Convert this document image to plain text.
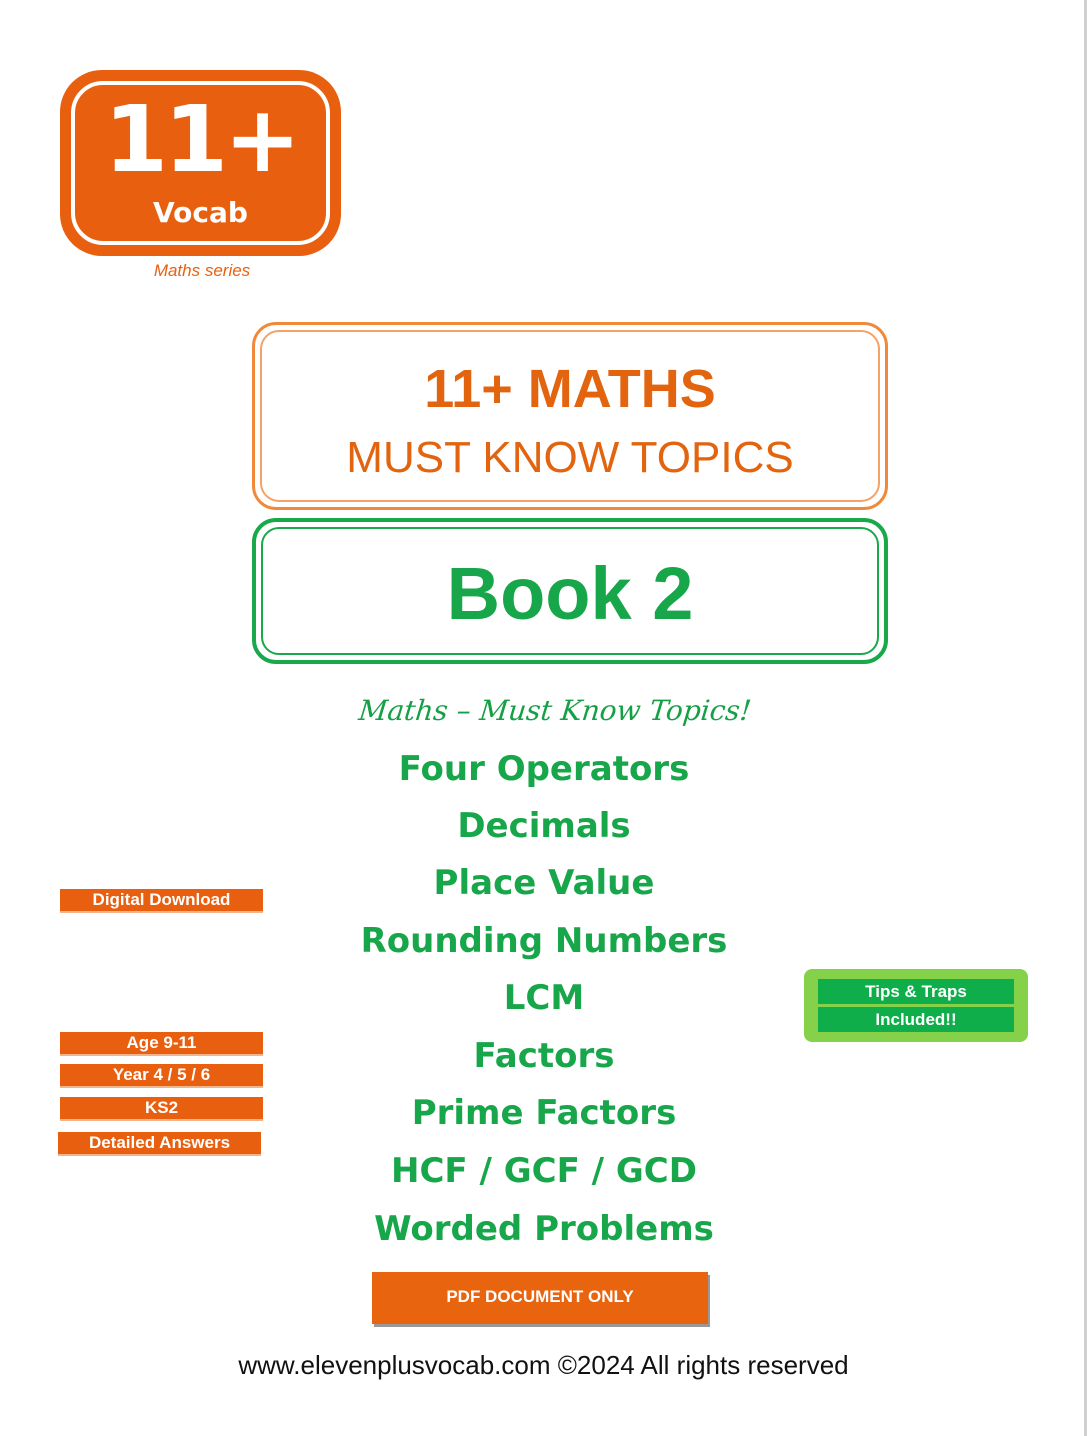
11+
Vocab
Maths series
11+ MATHS
MUST KNOW TOPICS
Book 2
Maths – Must Know Topics!
Four Operators
Decimals
Place Value
Rounding Numbers
LCM
Factors
Prime Factors
HCF / GCF / GCD
Worded Problems
Digital Download
Age 9-11
Year 4 / 5 / 6
KS2
Detailed Answers
Tips & Traps
Included!!
PDF DOCUMENT ONLY
www.elevenplusvocab.com ©2024 All rights reserved
